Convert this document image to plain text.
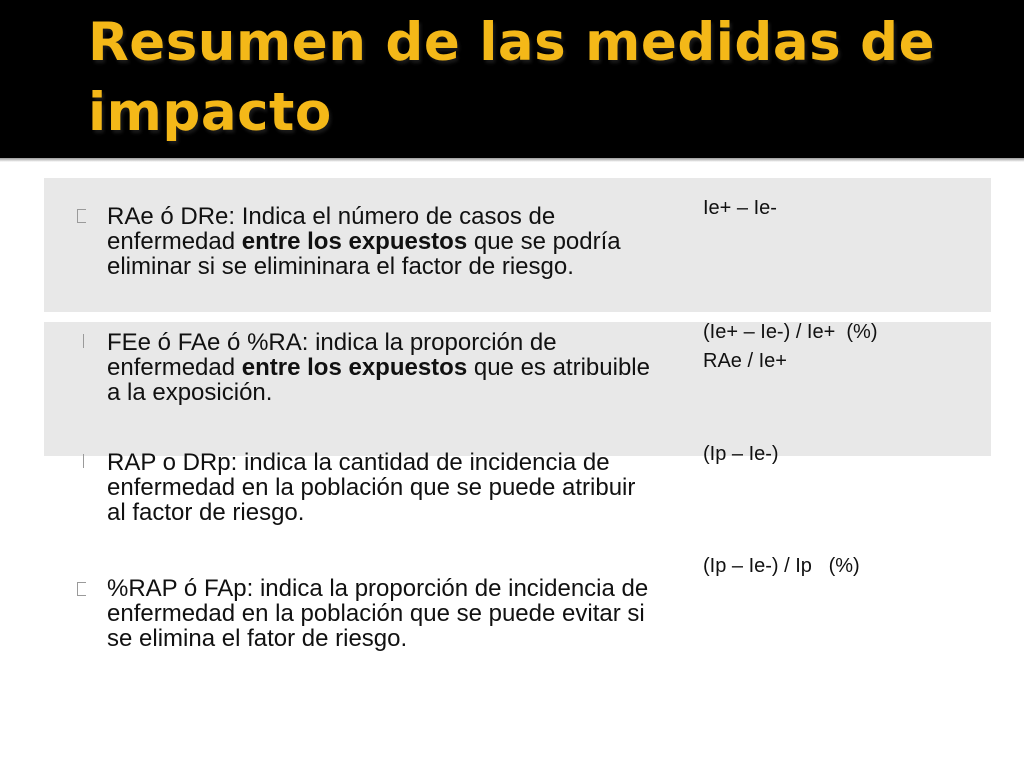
Resumen de las medidas de impacto
RAe ó DRe: Indica el número de casos de enfermedad entre los expuestos que se podría eliminar si se elimininara el factor de riesgo.
FEe ó FAe ó %RA: indica la proporción de enfermedad entre los expuestos que es atribuible a la exposición.
RAP o DRp: indica la cantidad de incidencia de enfermedad en la población que se puede atribuir al factor de riesgo.
%RAP ó FAp: indica la proporción de incidencia de enfermedad en la población que se puede evitar si se elimina el fator de riesgo.
Ie+ – Ie-
(Ie+ – Ie-) / Ie+  (%)
RAe / Ie+
(Ip – Ie-)
(Ip – Ie-) / Ip   (%)
